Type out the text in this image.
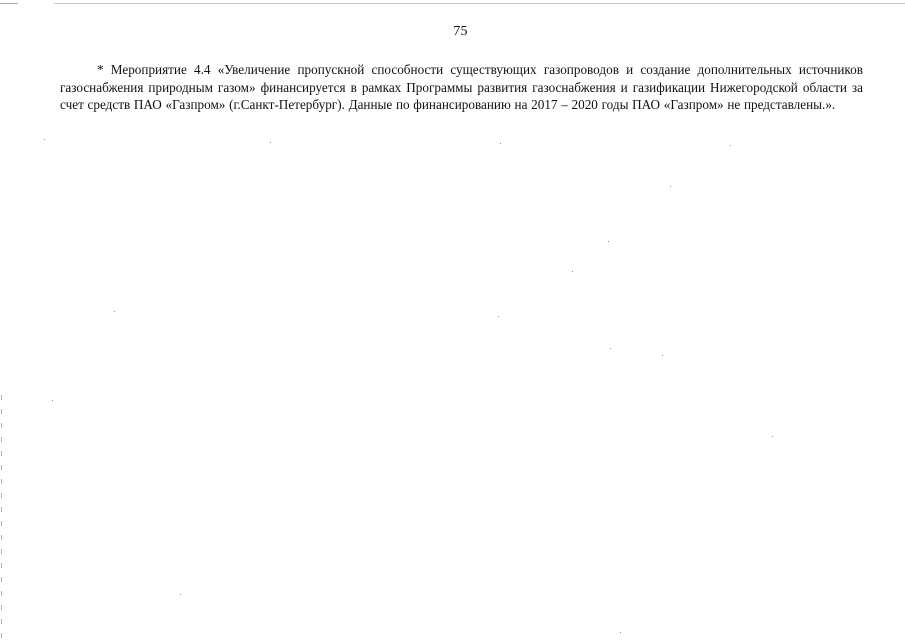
75

* Мероприятие 4.4 «Увеличение пропускной способности существующих газопроводов и создание дополнительных источников газоснабжения природным газом» финансируется в рамках Программы развития газоснабжения и газификации Нижегородской области за счет средств ПАО «Газпром» (г.Санкт-Петербург). Данные по финансированию на 2017 – 2020 годы ПАО «Газпром» не представлены.».
